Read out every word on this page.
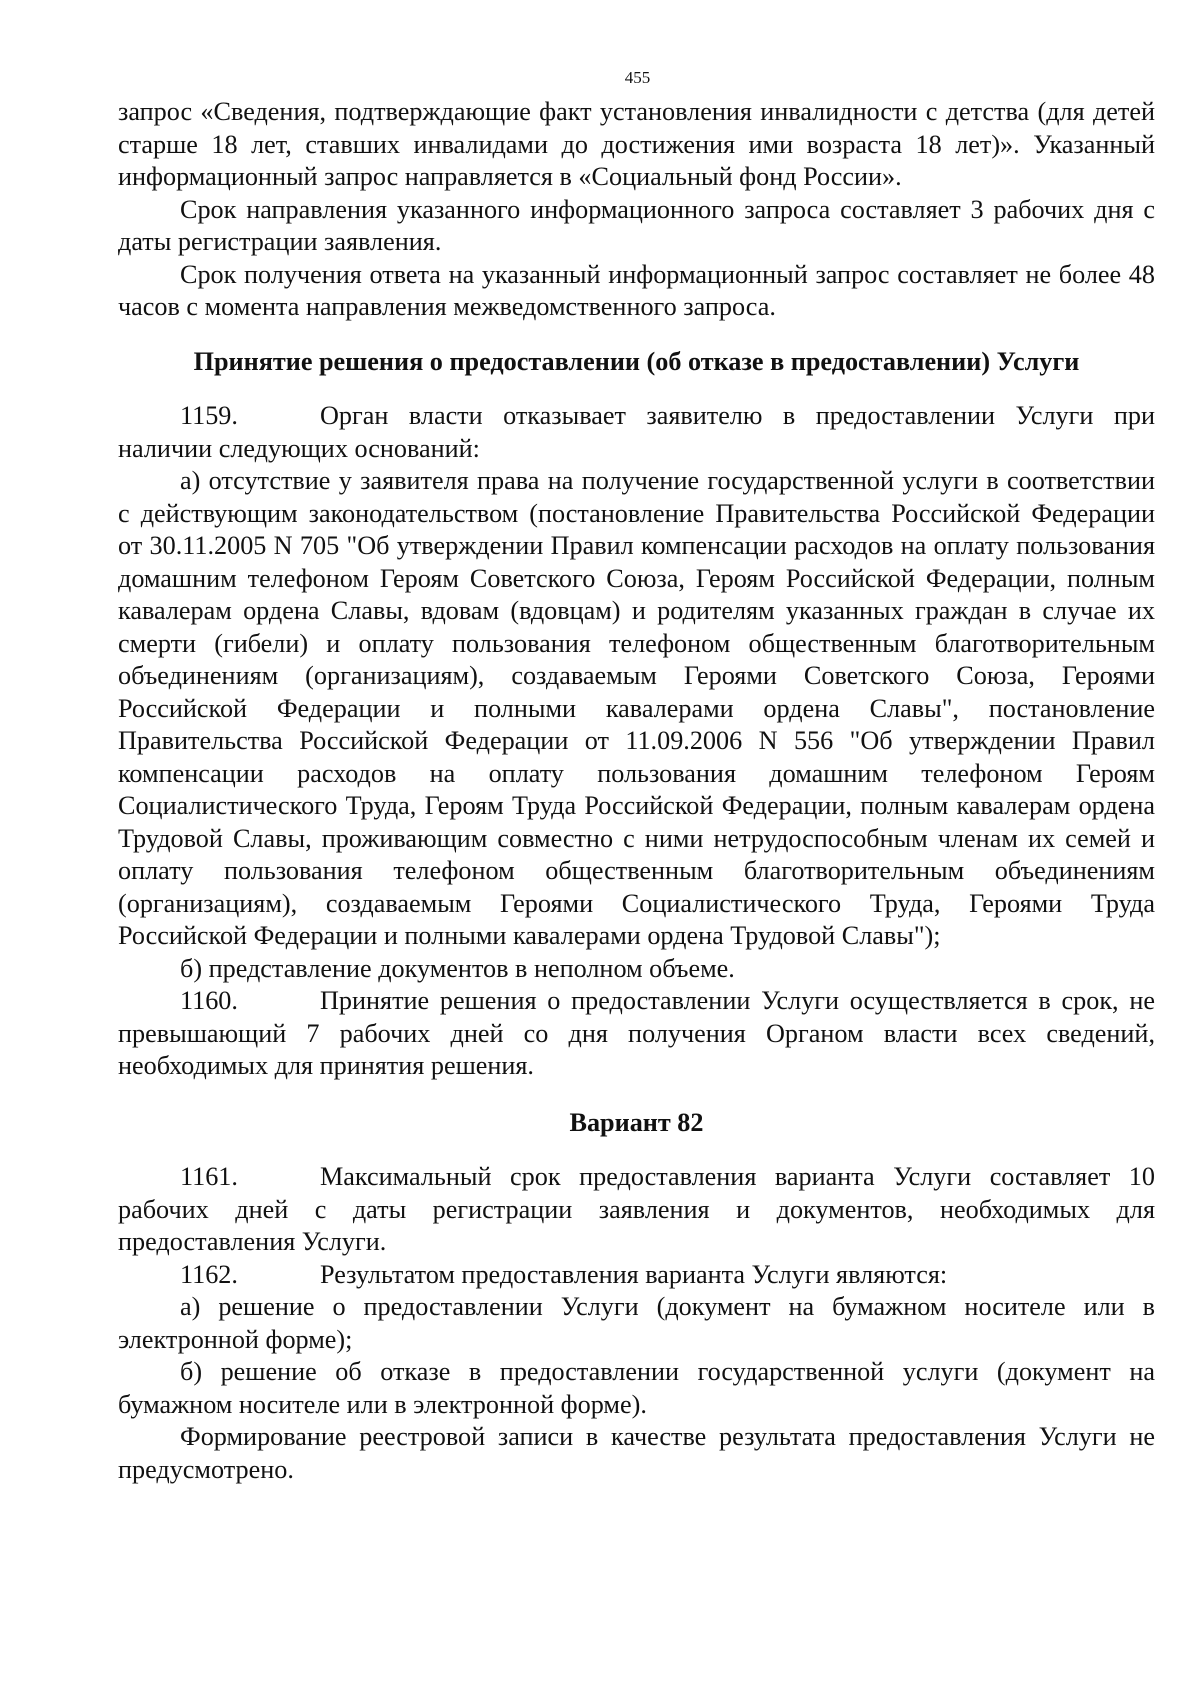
455

запрос «Сведения, подтверждающие факт установления инвалидности с детства (для детей старше 18 лет, ставших инвалидами до достижения ими возраста 18 лет)». Указанный информационный запрос направляется в «Социальный фонд России».

Срок направления указанного информационного запроса составляет 3 рабочих дня с даты регистрации заявления.

Срок получения ответа на указанный информационный запрос составляет не более 48 часов с момента направления межведомственного запроса.

Принятие решения о предоставлении (об отказе в предоставлении) Услуги

1159.	Орган власти отказывает заявителю в предоставлении Услуги при наличии следующих оснований:

а) отсутствие у заявителя права на получение государственной услуги в соответствии с действующим законодательством (постановление Правительства Российской Федерации от 30.11.2005 N 705 "Об утверждении Правил компенсации расходов на оплату пользования домашним телефоном Героям Советского Союза, Героям Российской Федерации, полным кавалерам ордена Славы, вдовам (вдовцам) и родителям указанных граждан в случае их смерти (гибели) и оплату пользования телефоном общественным благотворительным объединениям (организациям), создаваемым Героями Советского Союза, Героями Российской Федерации и полными кавалерами ордена Славы", постановление Правительства Российской Федерации от 11.09.2006 N 556 "Об утверждении Правил компенсации расходов на оплату пользования домашним телефоном Героям Социалистического Труда, Героям Труда Российской Федерации, полным кавалерам ордена Трудовой Славы, проживающим совместно с ними нетрудоспособным членам их семей и оплату пользования телефоном общественным благотворительным объединениям (организациям), создаваемым Героями Социалистического Труда, Героями Труда Российской Федерации и полными кавалерами ордена Трудовой Славы");

б) представление документов в неполном объеме.

1160.	Принятие решения о предоставлении Услуги осуществляется в срок, не превышающий 7 рабочих дней со дня получения Органом власти всех сведений, необходимых для принятия решения.

Вариант 82

1161.	Максимальный срок предоставления варианта Услуги составляет 10 рабочих дней с даты регистрации заявления и документов, необходимых для предоставления Услуги.

1162.	Результатом предоставления варианта Услуги являются:

а) решение о предоставлении Услуги (документ на бумажном носителе или в электронной форме);

б) решение об отказе в предоставлении государственной услуги (документ на бумажном носителе или в электронной форме).

Формирование реестровой записи в качестве результата предоставления Услуги не предусмотрено.
